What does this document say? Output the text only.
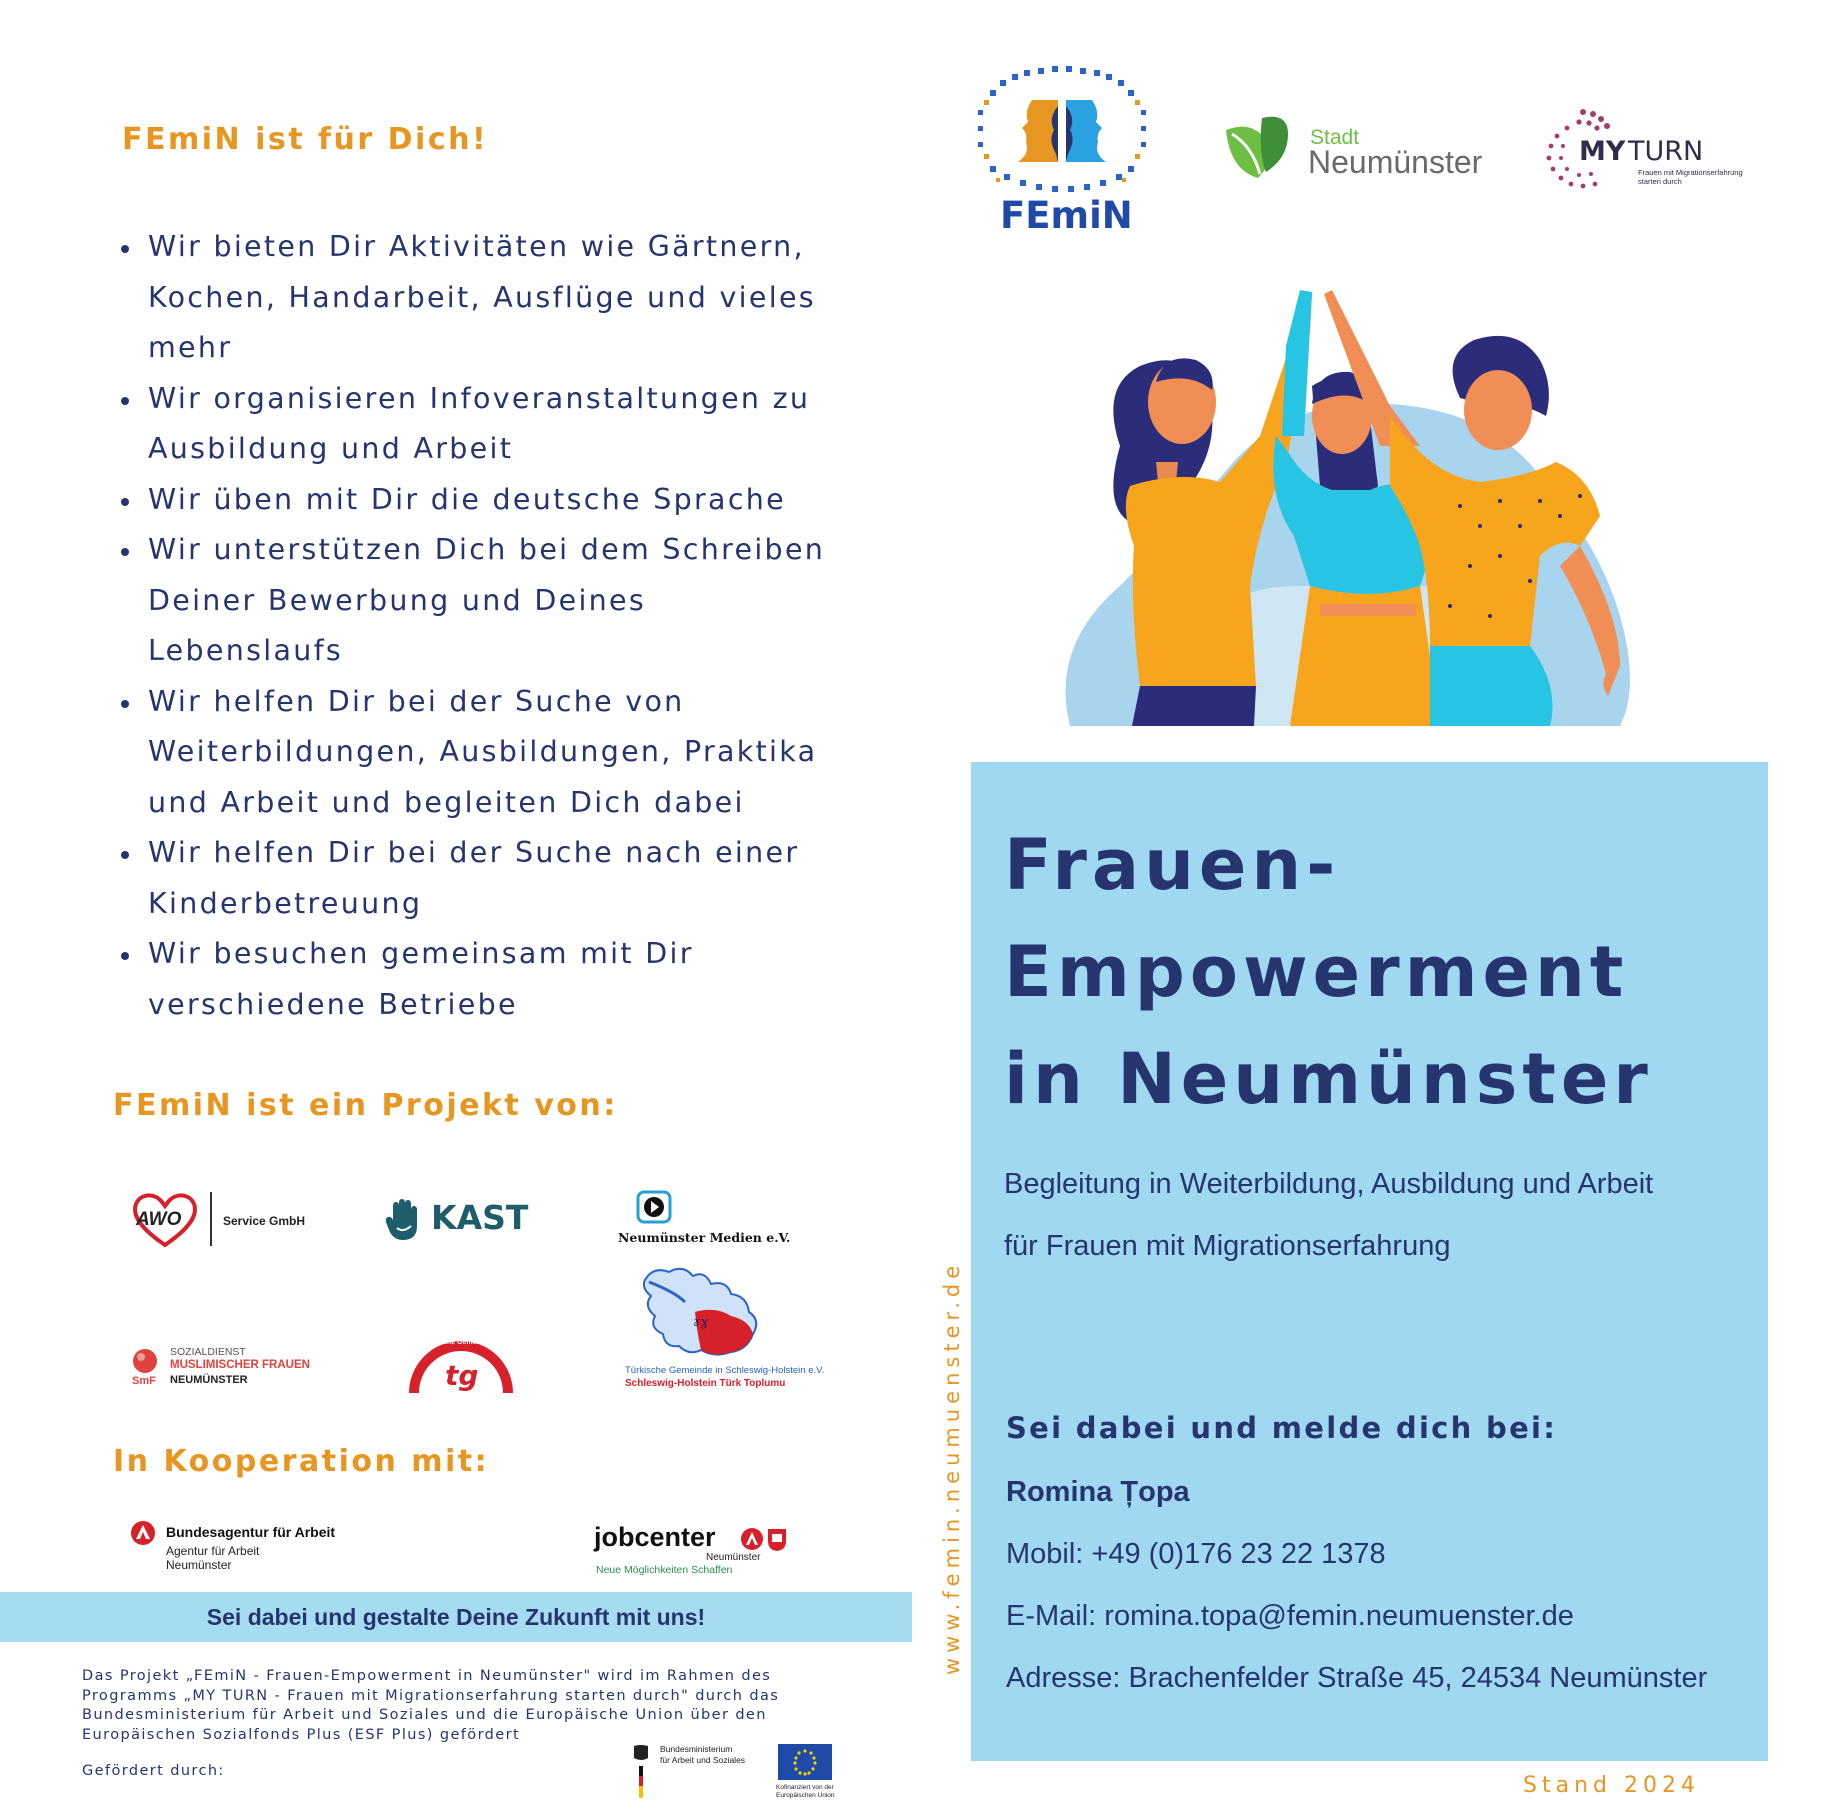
FEmiN ist für Dich!
Wir bieten Dir Aktivitäten wie Gärtnern,
Kochen, Handarbeit, Ausflüge und vieles
mehr
Wir organisieren Infoveranstaltungen zu
Ausbildung und Arbeit
Wir üben mit Dir die deutsche Sprache
Wir unterstützen Dich bei dem Schreiben
Deiner Bewerbung und Deines
Lebenslaufs
Wir helfen Dir bei der Suche von
Weiterbildungen, Ausbildungen, Praktika
und Arbeit und begleiten Dich dabei
Wir helfen Dir bei der Suche nach einer
Kinderbetreuung
Wir besuchen gemeinsam mit Dir
verschiedene Betriebe
FEmiN ist ein Projekt von:
AWO	Service GmbH	KAST
Neumünster Medien e.V.
SmF
SOZIALDIENST
MUSLIMISCHER FRAUEN
NEUMÜNSTER	tg
Türkische Gemeinde in Neumünster e.V.
ɤɣ
Türkische Gemeinde in Schleswig-Holstein e.V.
Schleswig-Holstein Türk Toplumu
In Kooperation mit:
Bundesagentur für Arbeit
Agentur für Arbeit
Neumünster
jobcenter
Neumünster
Neue Möglichkeiten Schaffen
Sei dabei und gestalte Deine Zukunft mit uns!
Das Projekt „FEmiN - Frauen-Empowerment in Neumünster" wird im Rahmen des Programms „MY TURN - Frauen mit Migrationserfahrung starten durch" durch das Bundesministerium für Arbeit und Soziales und die Europäische Union über den Europäischen Sozialfonds Plus (ESF Plus) gefördert
Gefördert durch:
Bundesministerium
für Arbeit und Soziales
Kofinanziert von der
Europäischen Union
www.femin.neumuenster.de
FEmiN
Stadt
Neumünster	MY TURN
Frauen mit Migrationserfahrung
starten durch
Frauen-
Empowerment
in Neumünster
Begleitung in Weiterbildung, Ausbildung und Arbeit
für Frauen mit Migrationserfahrung
Sei dabei und melde dich bei:
Romina Țopa
Mobil: +49 (0)176 23 22 1378
E-Mail: romina.topa@femin.neumuenster.de
Adresse: Brachenfelder Straße 45, 24534 Neumünster
Stand 2024
